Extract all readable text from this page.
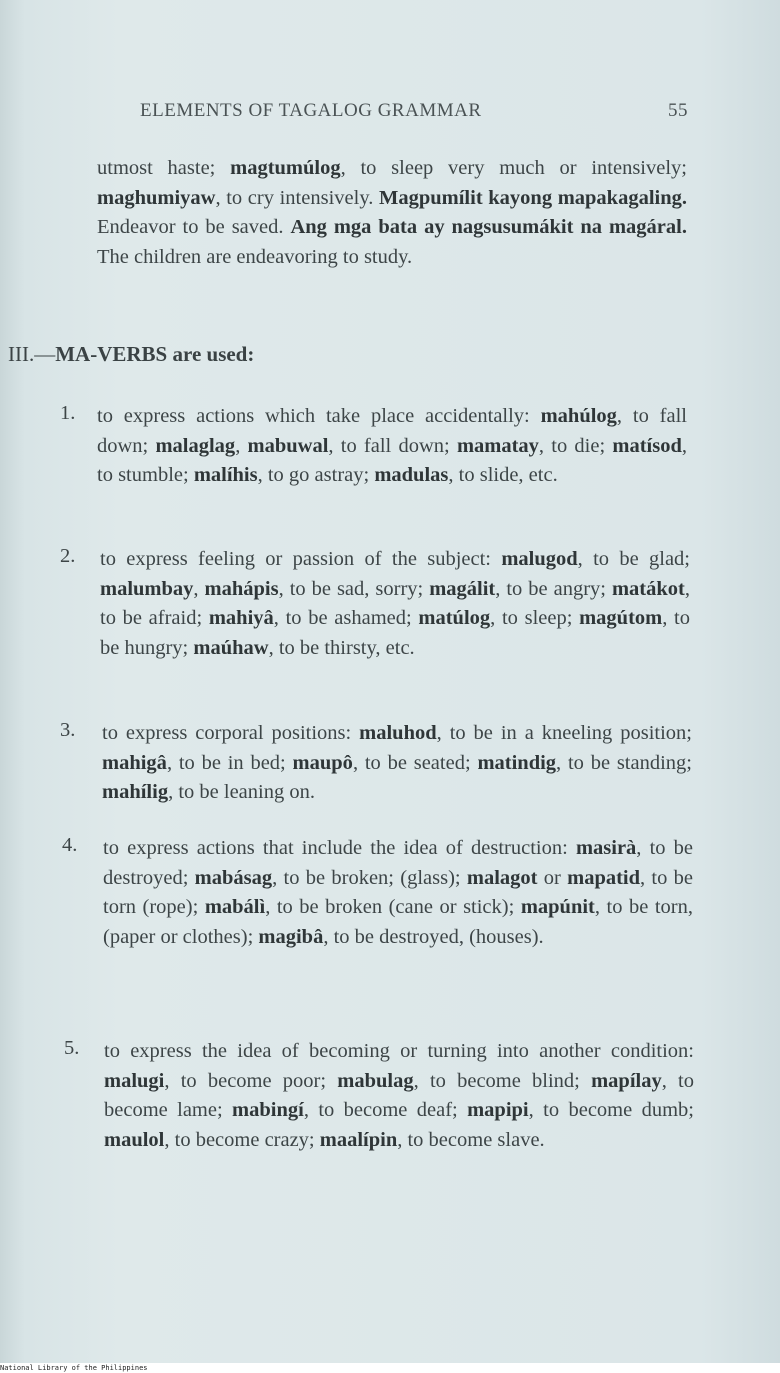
ELEMENTS OF TAGALOG GRAMMAR	55
utmost haste; magtumúlog, to sleep very much or intensively; maghumiyaw, to cry intensively. Magpumílit kayong mapakagaling. Endeavor to be saved. Ang mga bata ay nagsusumákit na magáral. The children are endeavoring to study.
III.—MA-VERBS are used:
1. to express actions which take place accidentally: mahúlog, to fall down; malaglag, mabuwal, to fall down; mamatay, to die; matísod, to stumble; malíhis, to go astray; madulas, to slide, etc.
2. to express feeling or passion of the subject: malugod, to be glad; malumbay, mahápis, to be sad, sorry; magálit, to be angry; matákot, to be afraid; mahiyâ, to be ashamed; matúlog, to sleep; magútom, to be hungry; maúhaw, to be thirsty, etc.
3. to express corporal positions: maluhod, to be in a kneeling position; mahigâ, to be in bed; maupô, to be seated; matindig, to be standing; mahílig, to be leaning on.
4. to express actions that include the idea of destruction: masirà, to be destroyed; mabásag, to be broken; (glass); malagot or mapatid, to be torn (rope); mabálì, to be broken (cane or stick); mapúnit, to be torn, (paper or clothes); magibâ, to be destroyed, (houses).
5. to express the idea of becoming or turning into another condition: malugi, to become poor; mabulag, to become blind; mapílay, to become lame; mabingí, to become deaf; mapipi, to become dumb; maulol, to become crazy; maalípin, to become slave.
National Library of the Philippines
